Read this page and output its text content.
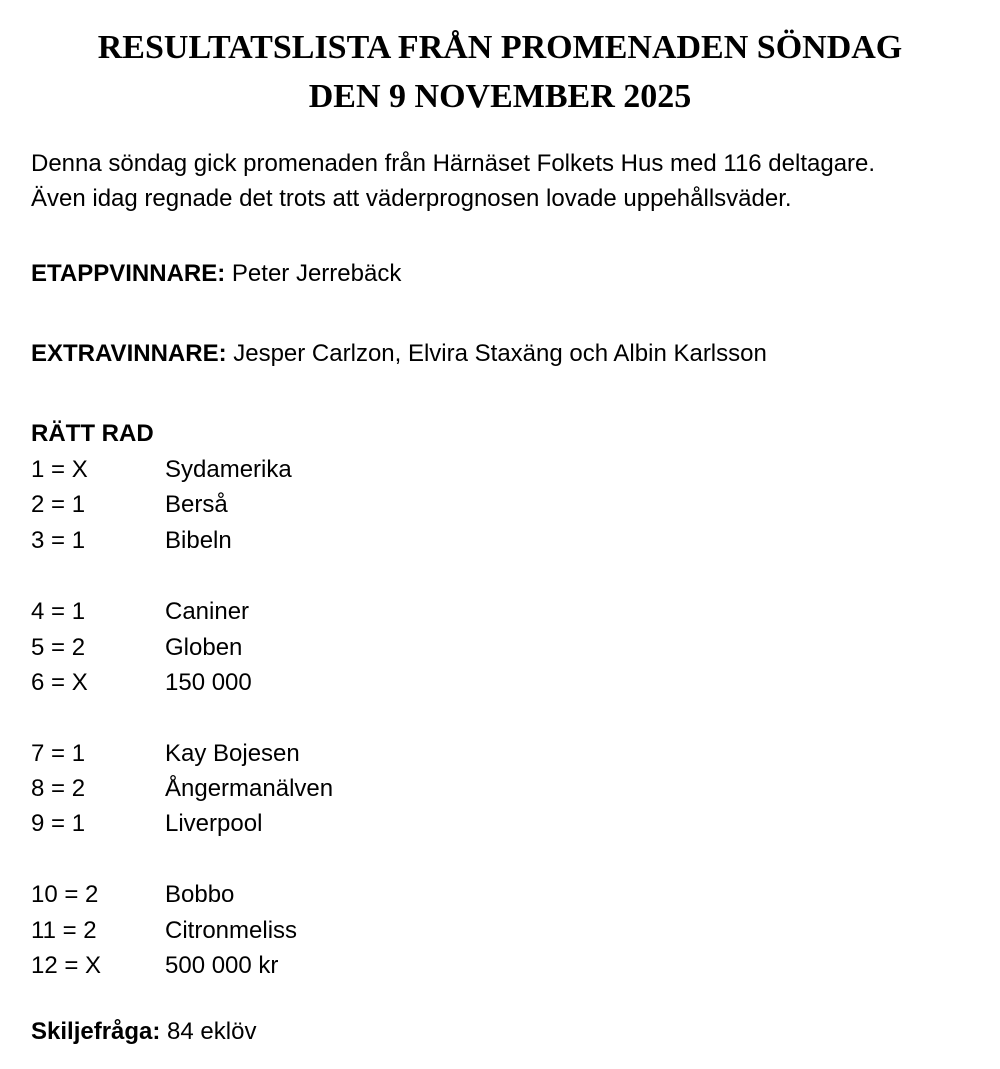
RESULTATSLISTA FRÅN PROMENADEN SÖNDAG
DEN 9 NOVEMBER 2025

Denna söndag gick promenaden från Härnäset Folkets Hus med 116 deltagare.

Även idag regnade det trots att väderprognosen lovade uppehållsväder.

ETAPPVINNARE: Peter Jerrebäck

EXTRAVINNARE: Jesper Carlzon, Elvira Staxäng och Albin Karlsson

RÄTT RAD

1 = X	Sydamerika
2 = 1	Berså
3 = 1	Bibeln
4 = 1	Caniner
5 = 2	Globen
6 = X	150 000
7 = 1	Kay Bojesen
8 = 2	Ångermanälven
9 = 1	Liverpool
10 = 2	Bobbo
11 = 2	Citronmeliss
12 = X	500 000 kr

Skiljefråga: 84 eklöv
